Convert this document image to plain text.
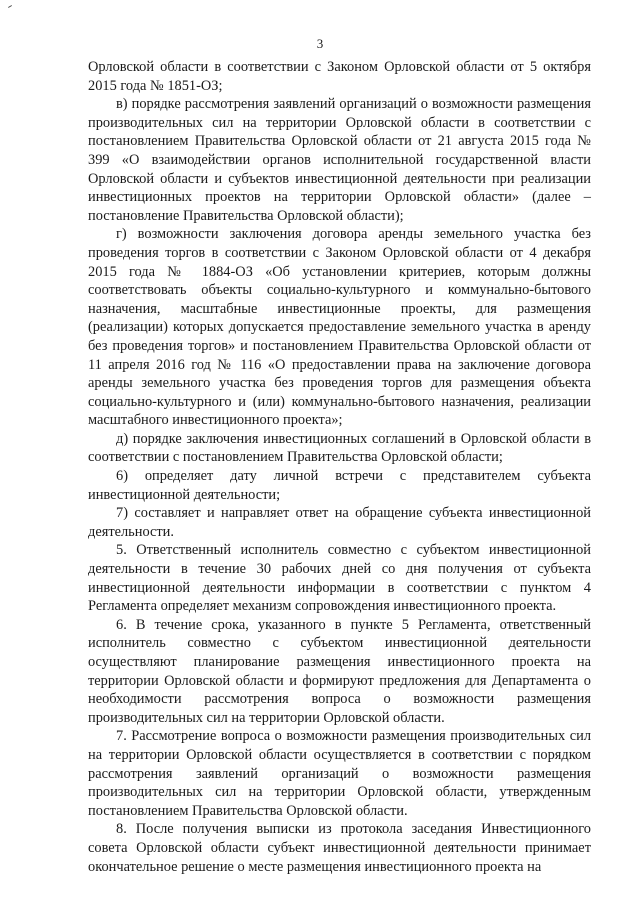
3

Орловской области в соответствии с Законом Орловской области от 5 октября 2015 года № 1851-ОЗ;

в) порядке рассмотрения заявлений организаций о возможности размещения производительных сил на территории Орловской области в соответствии с постановлением Правительства Орловской области от 21 августа 2015 года № 399 «О взаимодействии органов исполнительной государственной власти Орловской области и субъектов инвестиционной деятельности при реализации инвестиционных проектов на территории Орловской области» (далее – постановление Правительства Орловской области);

г) возможности заключения договора аренды земельного участка без проведения торгов в соответствии с Законом Орловской области от 4 декабря 2015 года № 1884-ОЗ «Об установлении критериев, которым должны соответствовать объекты социально-культурного и коммунально-бытового назначения, масштабные инвестиционные проекты, для размещения (реализации) которых допускается предоставление земельного участка в аренду без проведения торгов» и постановлением Правительства Орловской области от 11 апреля 2016 год № 116 «О предоставлении права на заключение договора аренды земельного участка без проведения торгов для размещения объекта социально-культурного и (или) коммунально-бытового назначения, реализации масштабного инвестиционного проекта»;

д) порядке заключения инвестиционных соглашений в Орловской области в соответствии с постановлением Правительства Орловской области;

6) определяет дату личной встречи с представителем субъекта инвестиционной деятельности;

7) составляет и направляет ответ на обращение субъекта инвестиционной деятельности.

5. Ответственный исполнитель совместно с субъектом инвестиционной деятельности в течение 30 рабочих дней со дня получения от субъекта инвестиционной деятельности информации в соответствии с пунктом 4 Регламента определяет механизм сопровождения инвестиционного проекта.

6. В течение срока, указанного в пункте 5 Регламента, ответственный исполнитель совместно с субъектом инвестиционной деятельности осуществляют планирование размещения инвестиционного проекта на территории Орловской области и формируют предложения для Департамента о необходимости рассмотрения вопроса о возможности размещения производительных сил на территории Орловской области.

7. Рассмотрение вопроса о возможности размещения производительных сил на территории Орловской области осуществляется в соответствии с порядком рассмотрения заявлений организаций о возможности размещения производительных сил на территории Орловской области, утвержденным постановлением Правительства Орловской области.

8. После получения выписки из протокола заседания Инвестиционного совета Орловской области субъект инвестиционной деятельности принимает окончательное решение о месте размещения инвестиционного проекта на
